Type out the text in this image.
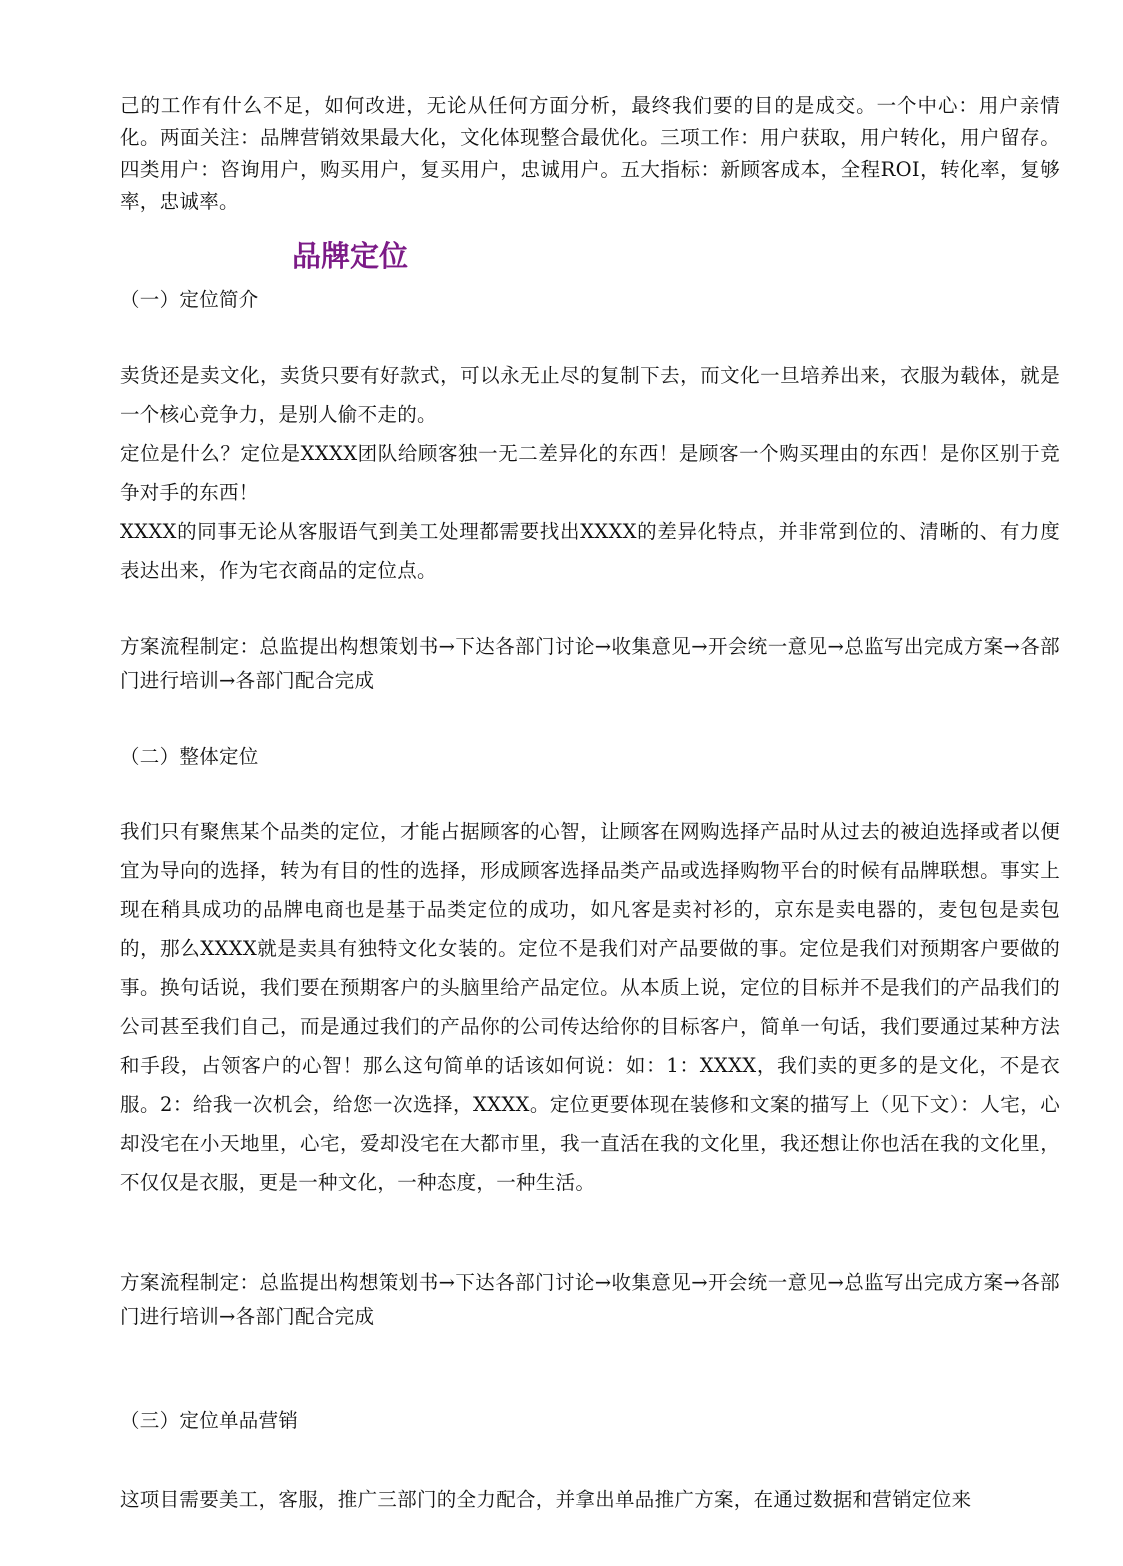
己的工作有什么不足，如何改进，无论从任何方面分析，最终我们要的目的是成交。一个中心：用户亲情化。两面关注：品牌营销效果最大化，文化体现整合最优化。三项工作：用户获取，用户转化，用户留存。四类用户：咨询用户，购买用户，复买用户，忠诚用户。五大指标：新顾客成本，全程ROI，转化率，复够率，忠诚率。

品牌定位

（一）定位简介

卖货还是卖文化，卖货只要有好款式，可以永无止尽的复制下去，而文化一旦培养出来，衣服为载体，就是一个核心竞争力，是别人偷不走的。

定位是什么？定位是XXXX团队给顾客独一无二差异化的东西！是顾客一个购买理由的东西！是你区别于竞争对手的东西！

XXXX的同事无论从客服语气到美工处理都需要找出XXXX的差异化特点，并非常到位的、清晰的、有力度表达出来，作为宅衣商品的定位点。

方案流程制定：总监提出构想策划书→下达各部门讨论→收集意见→开会统一意见→总监写出完成方案→各部门进行培训→各部门配合完成

（二）整体定位

我们只有聚焦某个品类的定位，才能占据顾客的心智，让顾客在网购选择产品时从过去的被迫选择或者以便宜为导向的选择，转为有目的性的选择，形成顾客选择品类产品或选择购物平台的时候有品牌联想。事实上现在稍具成功的品牌电商也是基于品类定位的成功，如凡客是卖衬衫的，京东是卖电器的，麦包包是卖包的，那么XXXX就是卖具有独特文化女装的。定位不是我们对产品要做的事。定位是我们对预期客户要做的事。换句话说，我们要在预期客户的头脑里给产品定位。从本质上说，定位的目标并不是我们的产品我们的公司甚至我们自己，而是通过我们的产品你的公司传达给你的目标客户，简单一句话，我们要通过某种方法和手段，占领客户的心智！那么这句简单的话该如何说：如：1：XXXX，我们卖的更多的是文化，不是衣服。2：给我一次机会，给您一次选择，XXXX。定位更要体现在装修和文案的描写上（见下文）：人宅，心却没宅在小天地里，心宅，爱却没宅在大都市里，我一直活在我的文化里，我还想让你也活在我的文化里，不仅仅是衣服，更是一种文化，一种态度，一种生活。

方案流程制定：总监提出构想策划书→下达各部门讨论→收集意见→开会统一意见→总监写出完成方案→各部门进行培训→各部门配合完成

（三）定位单品营销

这项目需要美工，客服，推广三部门的全力配合，并拿出单品推广方案，在通过数据和营销定位来
